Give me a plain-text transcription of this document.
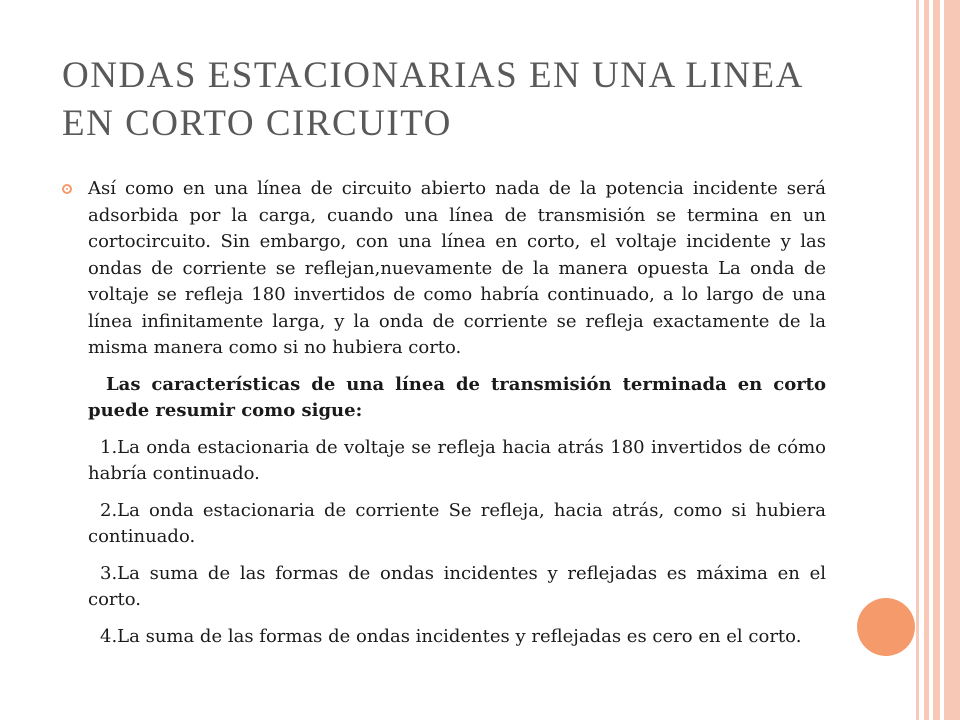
ONDAS ESTACIONARIAS EN UNA LINEA EN CORTO CIRCUITO

Así como en una línea de circuito abierto nada de la potencia incidente será adsorbida por la carga, cuando una línea de transmisión se termina en un cortocircuito. Sin embargo, con una línea en corto, el voltaje incidente y las ondas de corriente se reflejan,nuevamente de la manera opuesta La onda de voltaje se refleja 180 invertidos de como habría continuado, a lo largo de una línea infinitamente larga, y la onda de corriente se refleja exactamente de la misma manera como si no hubiera corto.

Las características de una línea de transmisión terminada en corto puede resumir como sigue:

1.La onda estacionaria de voltaje se refleja hacia atrás 180 invertidos de cómo habría continuado.

2.La onda estacionaria de corriente Se refleja, hacia atrás, como si hubiera continuado.

3.La suma de las formas de ondas incidentes y reflejadas es máxima en el corto.

4.La suma de las formas de ondas incidentes y reflejadas es cero en el corto.
